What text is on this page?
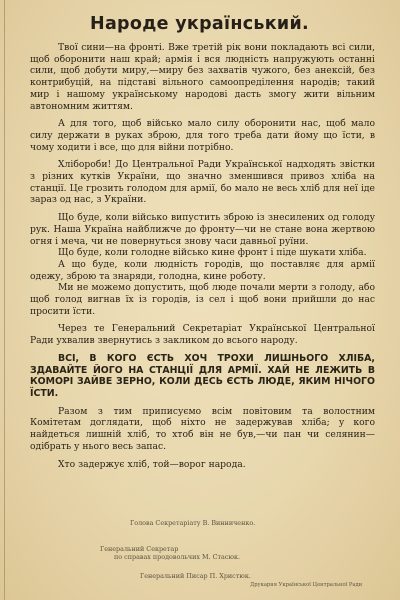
Народе український.

Твої сини—на фронті. Вже третій рік вони покладають всі сили, щоб оборонити наш край; армія і вся людність напружують останні сили, щоб добути миру,—миру без захватів чужого, без анексій, без контрибуцій, на підставі вільного самоопреділення народів; такий мир і нашому українському народові дасть змогу жити вільним автономним життям.

А для того, щоб військо мало силу оборонити нас, щоб мало силу держати в руках зброю, для того треба дати йому що їсти, в чому ходити і все, що для війни потрібно.

Хлібороби! До Центральної Ради Української надходять звістки з різних кутків України, що значно зменшився привоз хліба на станції. Це грозить голодом для армії, бо мало не весь хліб для неї іде зараз од нас, з України.

Що буде, коли військо випустить зброю із знесилених од голоду рук. Наша Україна найближче до фронту—чи не стане вона жертвою огня і меча, чи не повернуться знову часи давньої руїни.

Що буде, коли голодне військо кине фронт і піде шукати хліба.

А що буде, коли людність городів, що поставляє для армії одежу, зброю та знаряди, голодна, кине роботу.

Ми не можемо допустить, щоб люде почали мерти з голоду, або щоб голод вигнав їх із городів, із сел і щоб вони прийшли до нас просити їсти.

Через те Генеральний Секретаріат Української Центральної Ради ухвалив звернутись з закликом до всього народу.

ВСІ, В КОГО ЄСТЬ ХОЧ ТРОХИ ЛИШНЬОГО ХЛІБА, ЗДАВАЙТЕ ЙОГО НА СТАНЦІЇ ДЛЯ АРМІЇ. ХАЙ НЕ ЛЕЖИТЬ В КОМОРІ ЗАЙВЕ ЗЕРНО, КОЛИ ДЕСЬ ЄСТЬ ЛЮДЕ, ЯКИМ НІЧОГО ЇСТИ.

Разом з тим приписуємо всім повітовим та волостним Комітетам доглядати, щоб ніхто не задержував хліба; у кого найдеться лишній хліб, то хтоб він не був,—чи пан чи селянин—одібрать у нього весь запас.

Хто задержує хліб, той—ворог народа.

Голова Секретаріату В. Винниченко.
Генеральний Секретар
по справах продовольчих М. Стасюк.
Генеральний Писар П. Христюк.
Друкарня Української Центральної Ради
